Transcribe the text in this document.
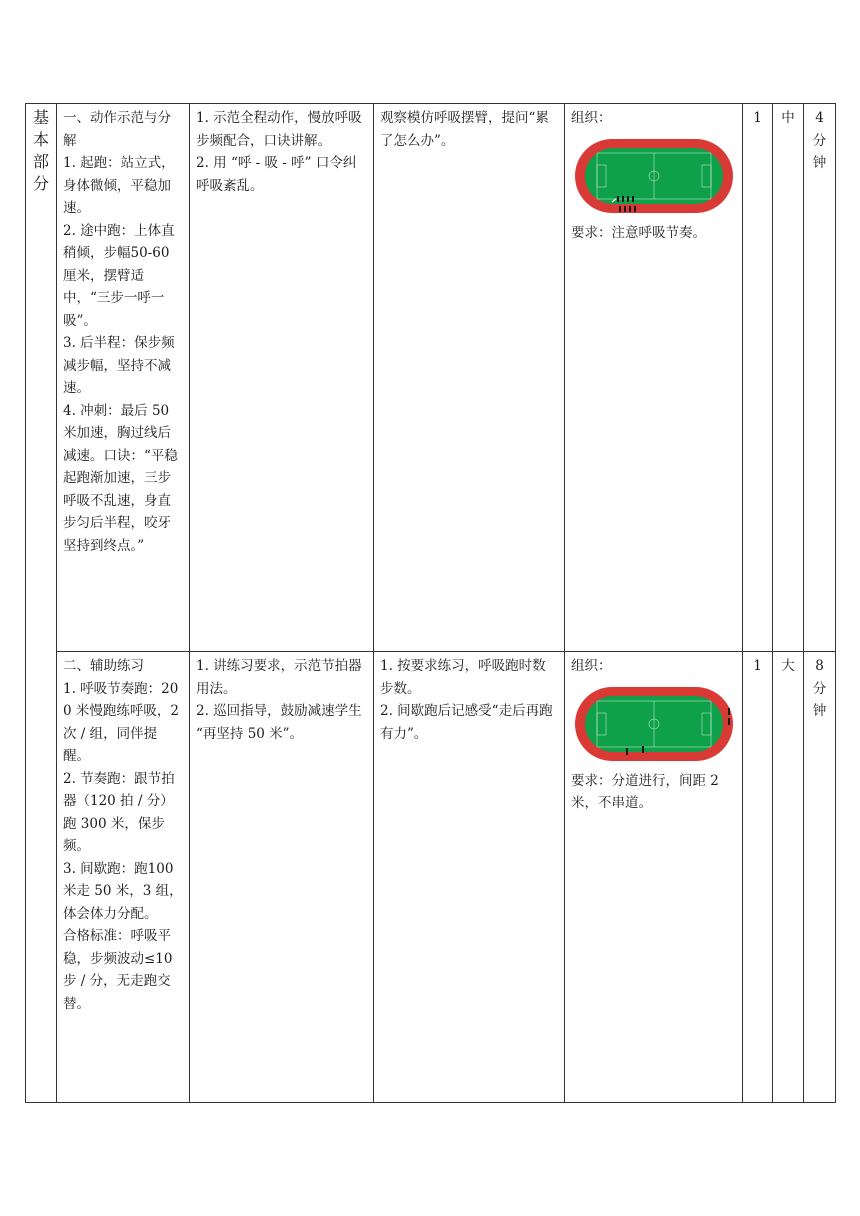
基本部分	一、动作示范与分解
1. 起跑：站立式，身体微倾，平稳加速。
2. 途中跑：上体直稍倾，步幅50-60 厘米，摆臂适中，“三步一呼一吸”。
3. 后半程：保步频减步幅，坚持不减速。
4. 冲刺：最后 50 米加速，胸过线后减速。口诀：“平稳起跑渐加速，三步呼吸不乱速，身直步匀后半程，咬牙坚持到终点。”	1. 示范全程动作，慢放呼吸步频配合，口诀讲解。
2. 用 “呼 - 吸 - 呼” 口令纠呼吸紊乱。	观察模仿呼吸摆臂，提问“累了怎么办”。	组织：
要求：注意呼吸节奏。	1	中	4分钟

	二、辅助练习
1. 呼吸节奏跑：200 米慢跑练呼吸，2 次 / 组，同伴提醒。
2. 节奏跑：跟节拍器（120 拍 / 分）跑 300 米，保步频。
3. 间歇跑：跑100 米走 50 米，3 组，体会体力分配。
合格标准：呼吸平稳，步频波动≤10 步 / 分，无走跑交替。	1. 讲练习要求，示范节拍器用法。
2. 巡回指导，鼓励减速学生 “再坚持 50 米”。	1. 按要求练习，呼吸跑时数步数。
2. 间歇跑后记感受“走后再跑有力”。	组织：
要求：分道进行，间距 2 米，不串道。	1	大	8分钟
